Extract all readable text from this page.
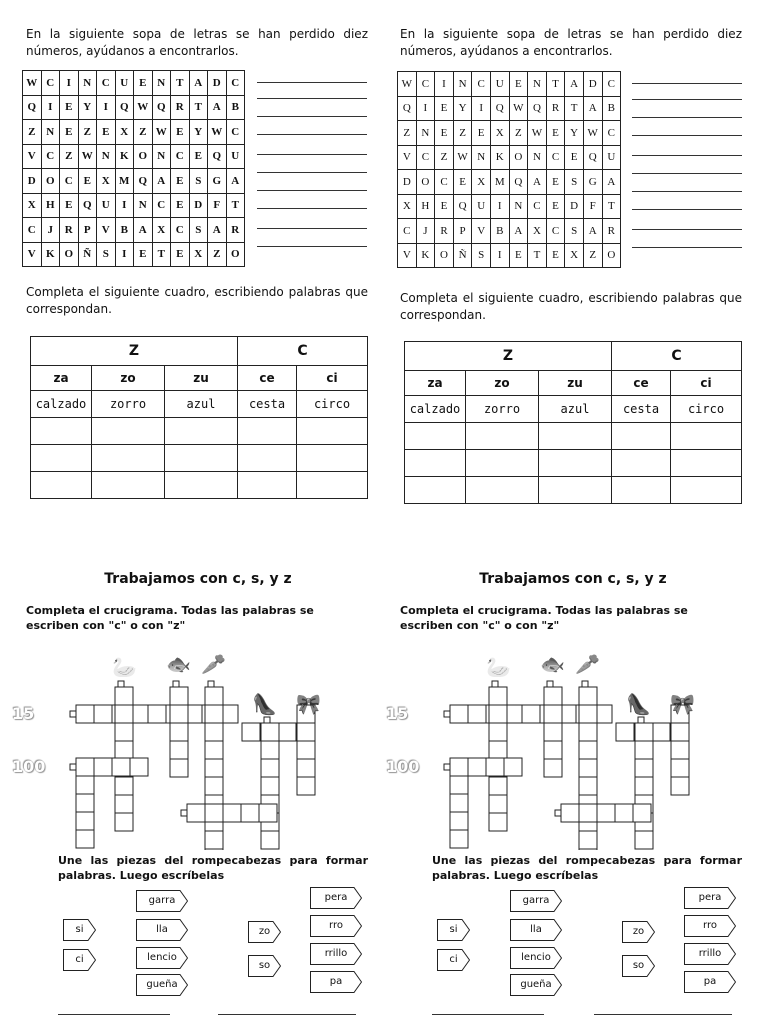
En la siguiente sopa de letras se han perdido diez números, ayúdanos a encontrarlos.
W	C	I	N	C	U	E	N	T	A	D	C
Q	I	E	Y	I	Q	W	Q	R	T	A	B
Z	N	E	Z	E	X	Z	W	E	Y	W	C
V	C	Z	W	N	K	O	N	C	E	Q	U
D	O	C	E	X	M	Q	A	E	S	G	A
X	H	E	Q	U	I	N	C	E	D	F	T
C	J	R	P	V	B	A	X	C	S	A	R
V	K	O	Ñ	S	I	E	T	E	X	Z	O
Completa el siguiente cuadro, escribiendo palabras que correspondan.
Z			C	
za	zo	zu	ce	ci
calzado	zorro	azul	cesta	circo

Trabajamos con c, s, y z
Completa el crucigrama. Todas las palabras se escriben con "c" o con "z"
Une las piezas del rompecabezas para formar palabras. Luego escríbelas
si
ci
garra
lla
lencio
gueña
zo
so
pera
rro
rrillo
pa
En la siguiente sopa de letras se han perdido diez números, ayúdanos a encontrarlos.
W	C	I	N	C	U	E	N	T	A	D	C
Q	I	E	Y	I	Q	W	Q	R	T	A	B
Z	N	E	Z	E	X	Z	W	E	Y	W	C
V	C	Z	W	N	K	O	N	C	E	Q	U
D	O	C	E	X	M	Q	A	E	S	G	A
X	H	E	Q	U	I	N	C	E	D	F	T
C	J	R	P	V	B	A	X	C	S	A	R
V	K	O	Ñ	S	I	E	T	E	X	Z	O
Completa el siguiente cuadro, escribiendo palabras que correspondan.
Z			C	
za	zo	zu	ce	ci
calzado	zorro	azul	cesta	circo

Trabajamos con c, s, y z
Completa el crucigrama. Todas las palabras se escriben con "c" o con "z"
Une las piezas del rompecabezas para formar palabras. Luego escríbelas
si
ci
garra
lla
lencio
gueña
zo
so
pera
rro
rrillo
pa
15
100
🦢 🐟 🥕
👠 🎀	15
100
🦢 🐟 🥕
👠 🎀
